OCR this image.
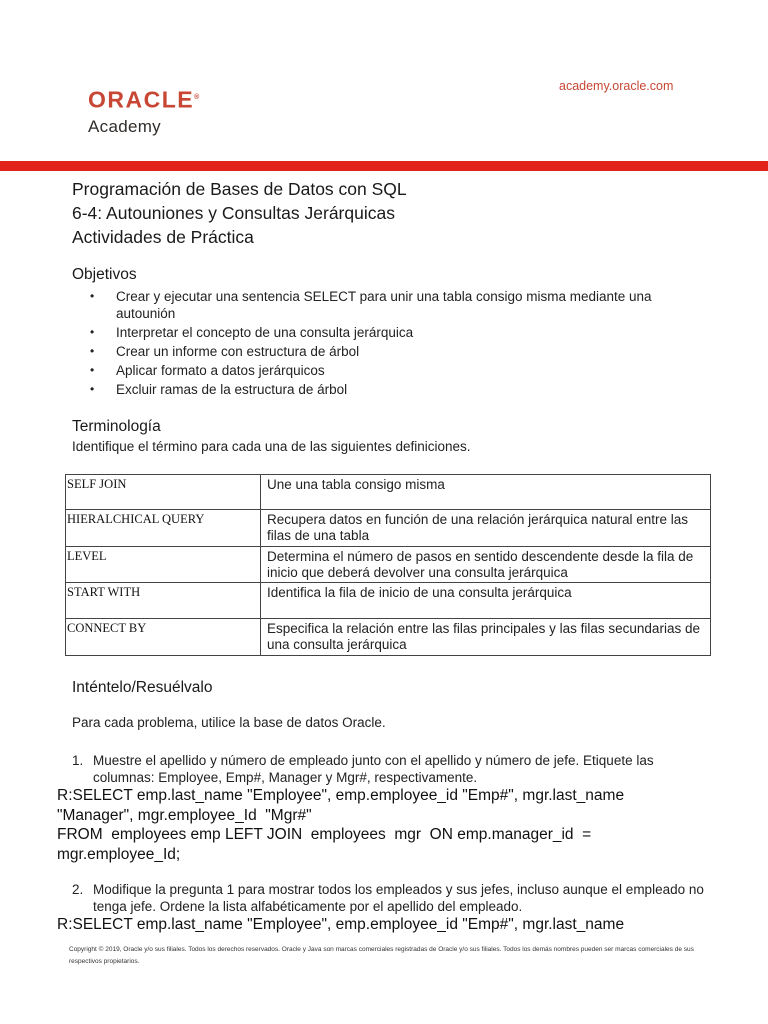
ORACLE®
Academy
academy.oracle.com
Programación de Bases de Datos con SQL
6-4: Autouniones y Consultas Jerárquicas
Actividades de Práctica
Objetivos
• Crear y ejecutar una sentencia SELECT para unir una tabla consigo misma mediante una autounión
• Interpretar el concepto de una consulta jerárquica
• Crear un informe con estructura de árbol
• Aplicar formato a datos jerárquicos
• Excluir ramas de la estructura de árbol
Terminología
Identifique el término para cada una de las siguientes definiciones.
SELF JOIN	Une una tabla consigo misma
HIERALCHICAL QUERY	Recupera datos en función de una relación jerárquica natural entre las filas de una tabla
LEVEL	Determina el número de pasos en sentido descendente desde la fila de inicio que deberá devolver una consulta jerárquica
START WITH	Identifica la fila de inicio de una consulta jerárquica
CONNECT BY	Especifica la relación entre las filas principales y las filas secundarias de una consulta jerárquica
Inténtelo/Resuélvalo
Para cada problema, utilice la base de datos Oracle.
1. Muestre el apellido y número de empleado junto con el apellido y número de jefe. Etiquete las columnas: Employee, Emp#, Manager y Mgr#, respectivamente.
R:SELECT emp.last_name "Employee", emp.employee_id "Emp#", mgr.last_name "Manager", mgr.employee_Id  "Mgr#"
FROM  employees emp LEFT JOIN  employees  mgr  ON emp.manager_id  =  mgr.employee_Id;
2. Modifique la pregunta 1 para mostrar todos los empleados y sus jefes, incluso aunque el empleado no tenga jefe. Ordene la lista alfabéticamente por el apellido del empleado.
R:SELECT emp.last_name "Employee", emp.employee_id "Emp#", mgr.last_name
Copyright © 2019, Oracle y/o sus filiales. Todos los derechos reservados. Oracle y Java son marcas comerciales registradas de Oracle y/o sus filiales. Todos los demás nombres pueden ser marcas comerciales de sus respectivos propietarios.
